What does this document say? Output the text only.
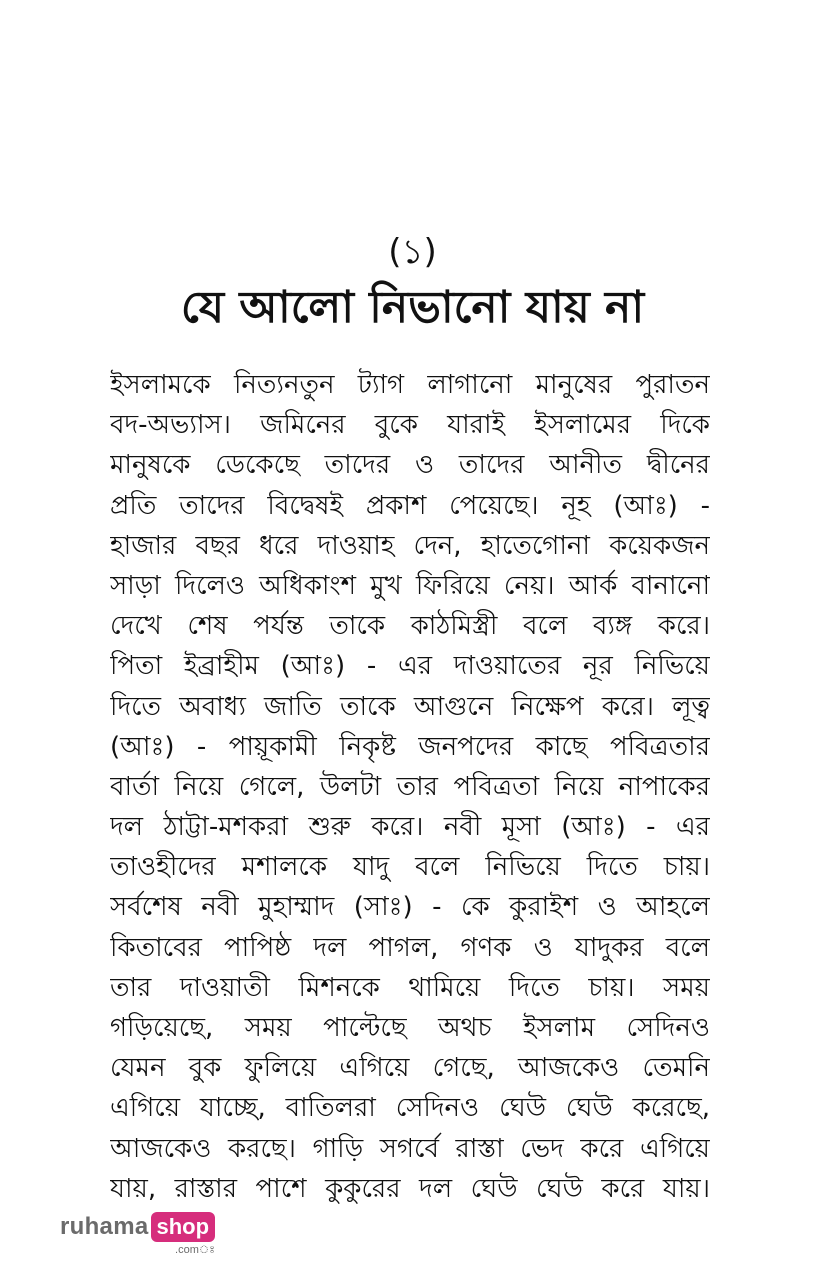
(১)
যে আলো নিভানো যায় না
ইসলামকে নিত্যনতুন ট্যাগ লাগানো মানুষের পুরাতন
বদ-অভ্যাস। জমিনের বুকে যারাই ইসলামের দিকে
মানুষকে ডেকেছে তাদের ও তাদের আনীত দ্বীনের
প্রতি তাদের বিদ্বেষই প্রকাশ পেয়েছে। নূহ (আঃ) -
হাজার বছর ধরে দাওয়াহ দেন, হাতেগোনা কয়েকজন
সাড়া দিলেও অধিকাংশ মুখ ফিরিয়ে নেয়। আর্ক বানানো
দেখে শেষ পর্যন্ত তাকে কাঠমিস্ত্রী বলে ব্যঙ্গ করে।
পিতা ইব্রাহীম (আঃ) - এর দাওয়াতের নূর নিভিয়ে
দিতে অবাধ্য জাতি তাকে আগুনে নিক্ষেপ করে। লূত্ব
(আঃ) - পায়ূকামী নিকৃষ্ট জনপদের কাছে পবিত্রতার
বার্তা নিয়ে গেলে, উলটা তার পবিত্রতা নিয়ে নাপাকের
দল ঠাট্টা-মশকরা শুরু করে। নবী মূসা (আঃ) - এর
তাওহীদের মশালকে যাদু বলে নিভিয়ে দিতে চায়।
সর্বশেষ নবী মুহাম্মাদ (সাঃ) - কে কুরাইশ ও আহলে
কিতাবের পাপিষ্ঠ দল পাগল, গণক ও যাদুকর বলে
তার দাওয়াতী মিশনকে থামিয়ে দিতে চায়। সময়
গড়িয়েছে, সময় পাল্টেছে অথচ ইসলাম সেদিনও
যেমন বুক ফুলিয়ে এগিয়ে গেছে, আজকেও তেমনি
এগিয়ে যাচ্ছে, বাতিলরা সেদিনও ঘেউ ঘেউ করেছে,
আজকেও করছে। গাড়ি সগর্বে রাস্তা ভেদ করে এগিয়ে
যায়, রাস্তার পাশে কুকুরের দল ঘেউ ঘেউ করে যায়।
ruhama shop
.comঃ
